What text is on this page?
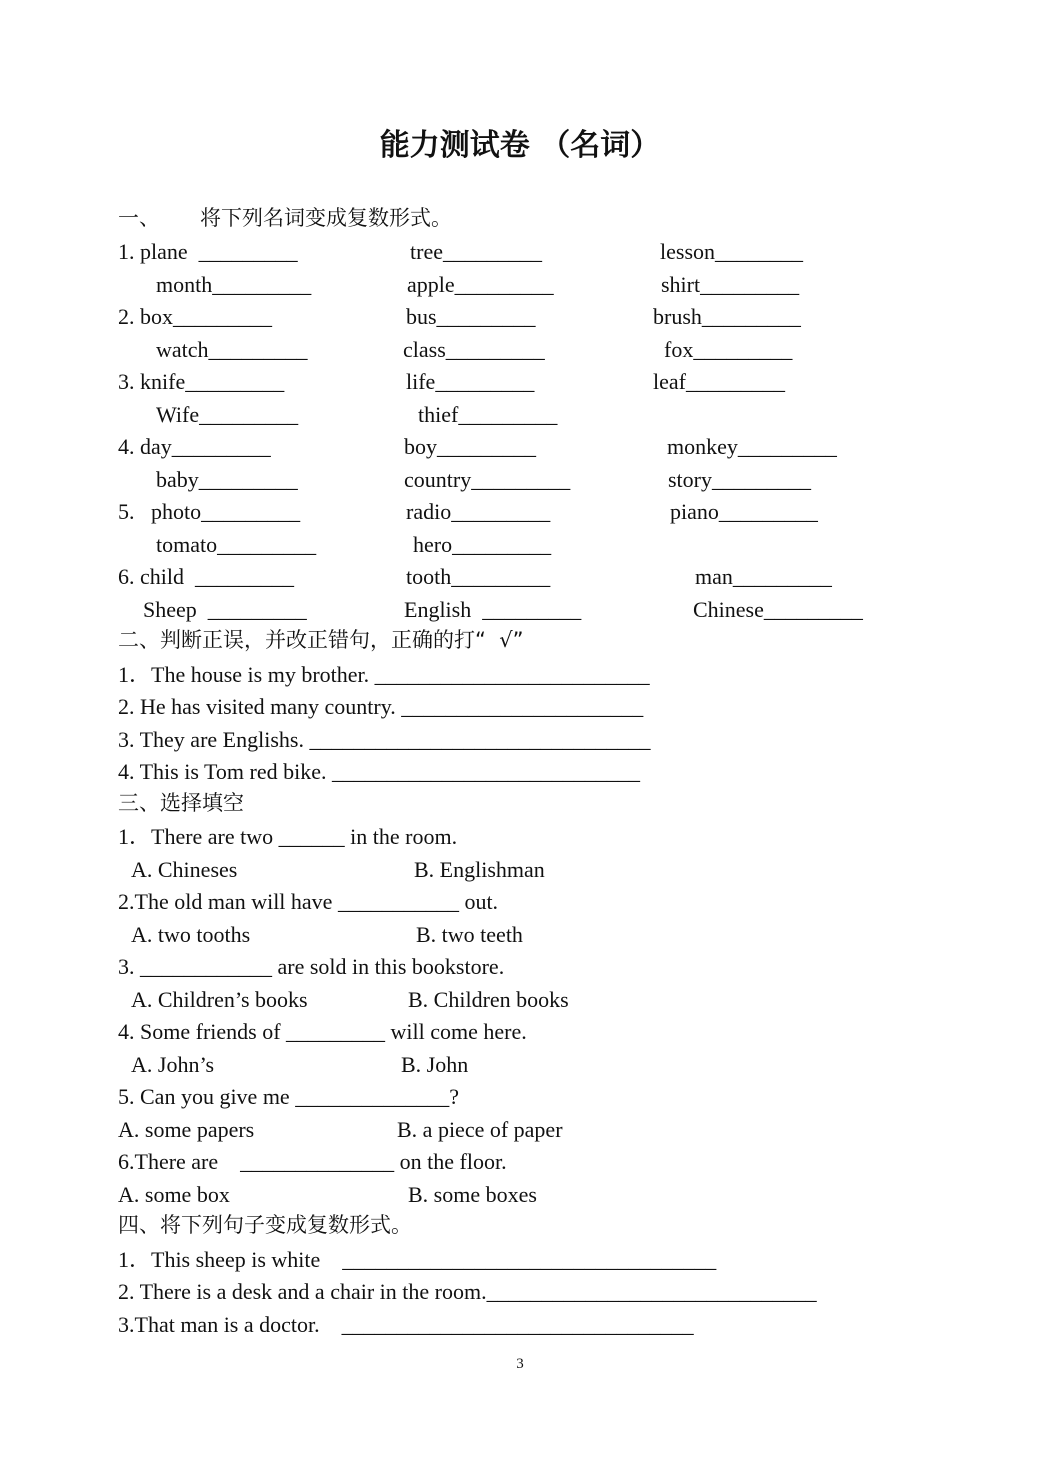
能力测试卷 （名词）
一、      将下列名词变成复数形式。
1. plane  _________	tree_________	lesson________
month_________	apple_________	shirt_________
2. box_________	bus_________	brush_________
watch_________	class_________	fox_________
3. knife_________	life_________	leaf_________
Wife_________	thief_________
4. day_________	boy_________	monkey_________
baby_________	country_________	story_________
5.   photo_________	radio_________	piano_________
tomato_________	hero_________
6. child  _________	tooth_________	man_________
Sheep  _________	English  _________	Chinese_________
二、判断正误，并改正错句，正确的打“  √”
1．The house is my brother. _________________________
2. He has visited many country. ______________________
3. They are Englishs. _______________________________
4. This is Tom red bike. ____________________________
三、选择填空
1．There are two ______ in the room.
A. Chineses	B. Englishman
2.The old man will have ___________ out.
A. two tooths	B. two teeth
3. ____________ are sold in this bookstore.
A. Children’s books	B. Children books
4. Some friends of _________ will come here.
A. John’s	B. John
5. Can you give me ______________?
A. some papers	B. a piece of paper
6.There are    ______________ on the floor.
A. some box	B. some boxes
四、将下列句子变成复数形式。
1．This sheep is white    __________________________________
2. There is a desk and a chair in the room.______________________________
3.That man is a doctor.    ________________________________
3
